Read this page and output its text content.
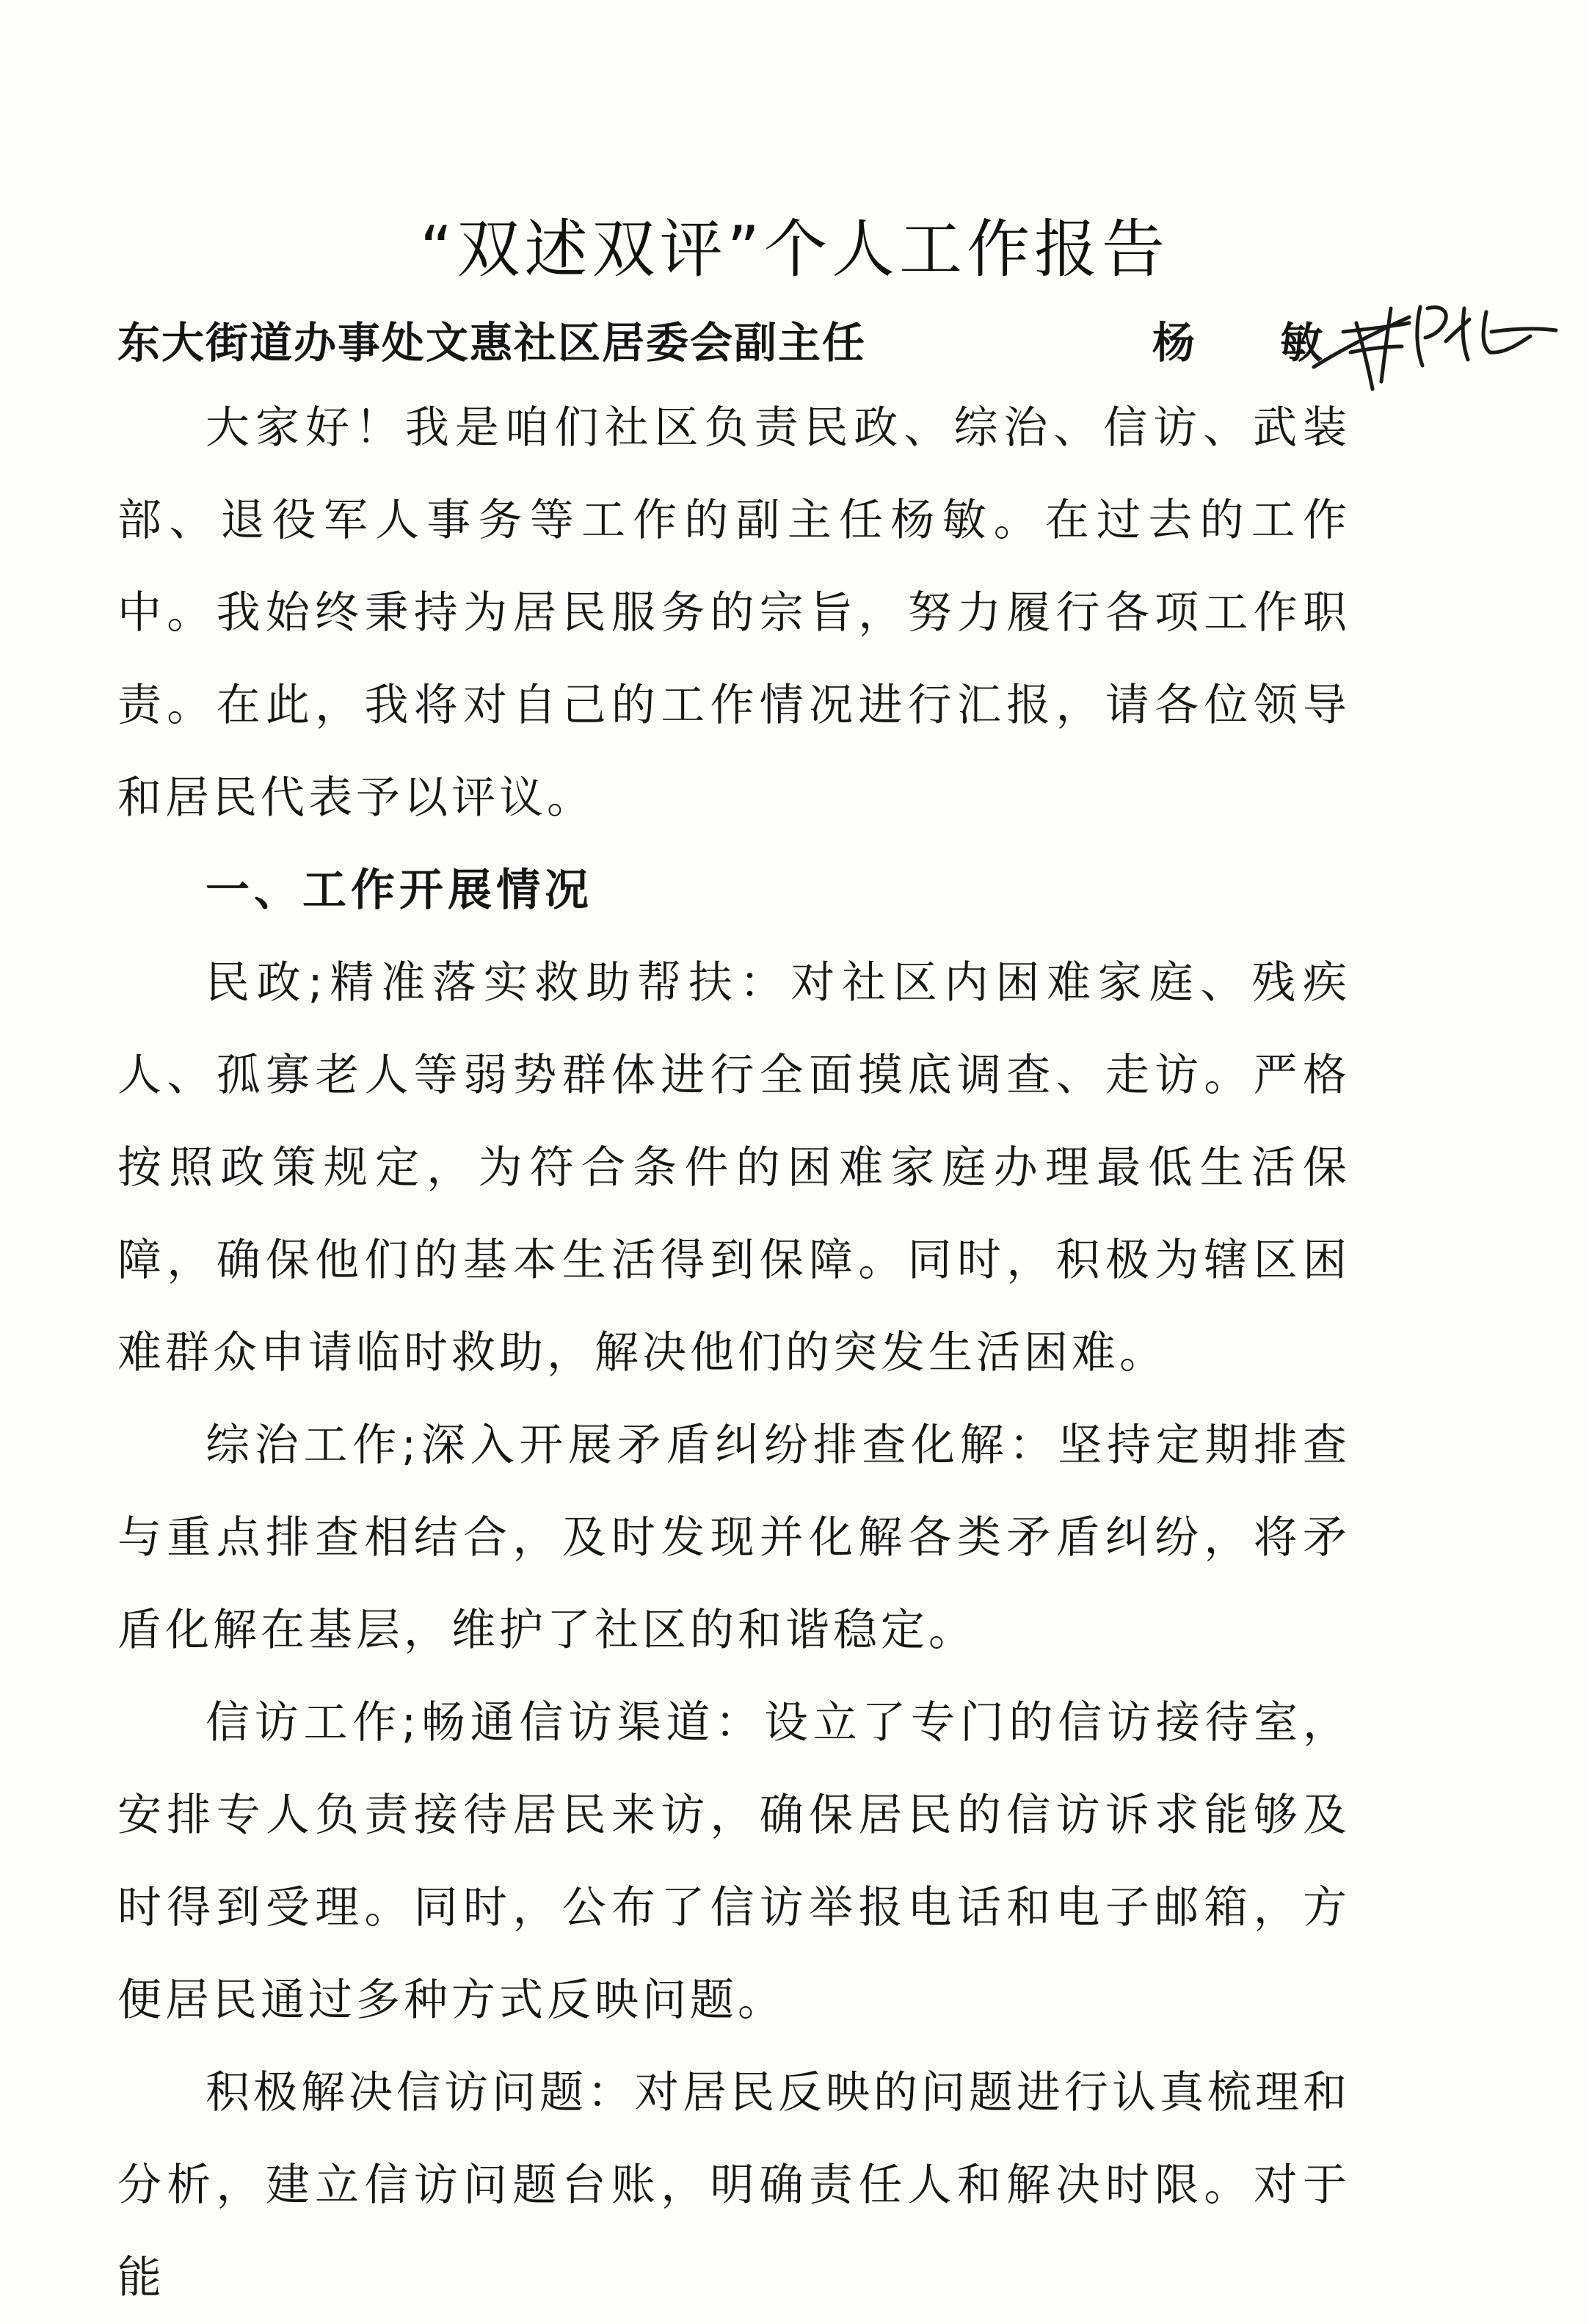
“双述双评”个人工作报告
东大街道办事处文惠社区居委会副主任	杨 敏

大家好！我是咱们社区负责民政、综治、信访、武装部、退役军人事务等工作的副主任杨敏。在过去的工作中。我始终秉持为居民服务的宗旨，努力履行各项工作职责。在此，我将对自己的工作情况进行汇报，请各位领导和居民代表予以评议。

一、工作开展情况

民政;精准落实救助帮扶：对社区内困难家庭、残疾人、孤寡老人等弱势群体进行全面摸底调查、走访。严格按照政策规定，为符合条件的困难家庭办理最低生活保障，确保他们的基本生活得到保障。同时，积极为辖区困难群众申请临时救助，解决他们的突发生活困难。

综治工作;深入开展矛盾纠纷排查化解：坚持定期排查与重点排查相结合，及时发现并化解各类矛盾纠纷，将矛盾化解在基层，维护了社区的和谐稳定。

信访工作;畅通信访渠道：设立了专门的信访接待室，安排专人负责接待居民来访，确保居民的信访诉求能够及时得到受理。同时，公布了信访举报电话和电子邮箱，方便居民通过多种方式反映问题。

积极解决信访问题：对居民反映的问题进行认真梳理和分析，建立信访问题台账，明确责任人和解决时限。对于能
